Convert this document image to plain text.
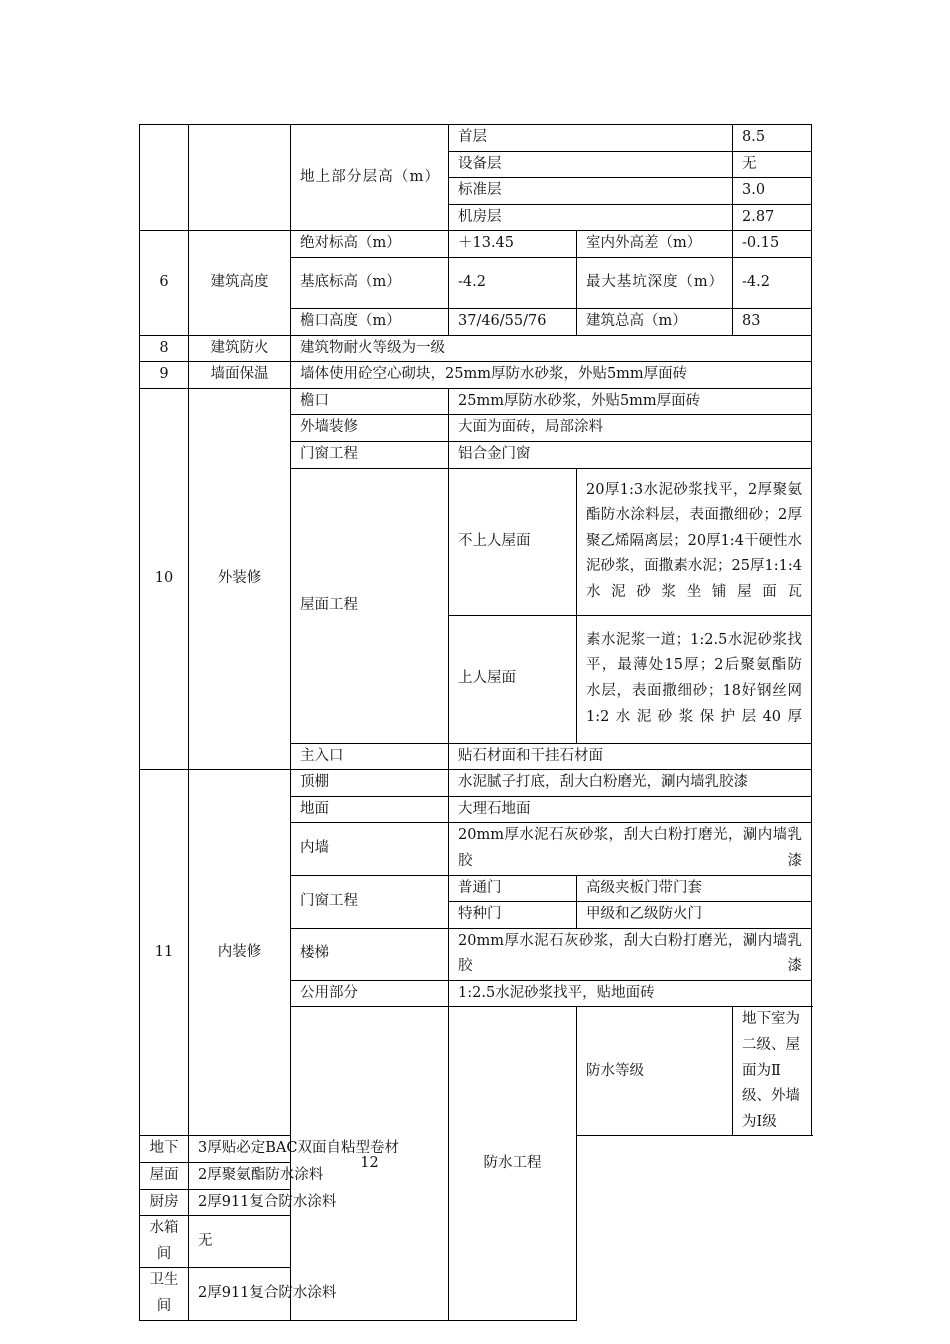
		地上部分层高（m）	首层		8.5
			设备层		无
			标准层		3.0
			机房层		2.87
6	建筑高度	绝对标高（m）	＋13.45	室内外高差（m）	-0.15
		基底标高（m）	-4.2	最大基坑深度（m）	-4.2
		檐口高度（m）	37/46/55/76	建筑总高（m）	83
8	建筑防火	建筑物耐火等级为一级			
9	墙面保温	墙体使用砼空心砌块，25mm厚防水砂浆，外贴5mm厚面砖			
10	外装修	檐口	25mm厚防水砂浆，外贴5mm厚面砖		
		外墙装修	大面为面砖，局部涂料		
		门窗工程	铝合金门窗		
		屋面工程	不上人屋面	20厚1:3水泥砂浆找平，2厚聚氨酯防水涂料层，表面撒细砂；2厚聚乙烯隔离层；20厚1:4干硬性水泥砂浆，面撒素水泥；25厚1:1:4水泥砂浆坐铺屋面瓦	

			上人屋面	素水泥浆一道；1:2.5水泥砂浆找平，最薄处15厚；2后聚氨酯防水层，表面撒细砂；18好钢丝网1:2水泥砂浆保护层40厚	

		主入口	贴石材面和干挂石材面		
11	内装修	顶棚	水泥腻子打底，刮大白粉磨光，涮内墙乳胶漆		
		地面	大理石地面		
		内墙	20mm厚水泥石灰砂浆，刮大白粉打磨光，涮内墙乳胶漆		

		门窗工程	普通门	高级夹板门带门套	
			特种门	甲级和乙级防火门	
		楼梯	20mm厚水泥石灰砂浆，刮大白粉打磨光，涮内墙乳胶漆		

		公用部分	1:2.5水泥砂浆找平，贴地面砖		
		12	防水工程	防水等级	地下室为二级、屋面为Ⅱ级、外墙为Ⅰ级
地下	3厚贴必定BAC双面自粘型卷材				
屋面	2厚聚氨酯防水涂料				
厨房	2厚911复合防水涂料				
水箱间	无				
卫生间	2厚911复合防水涂料				
